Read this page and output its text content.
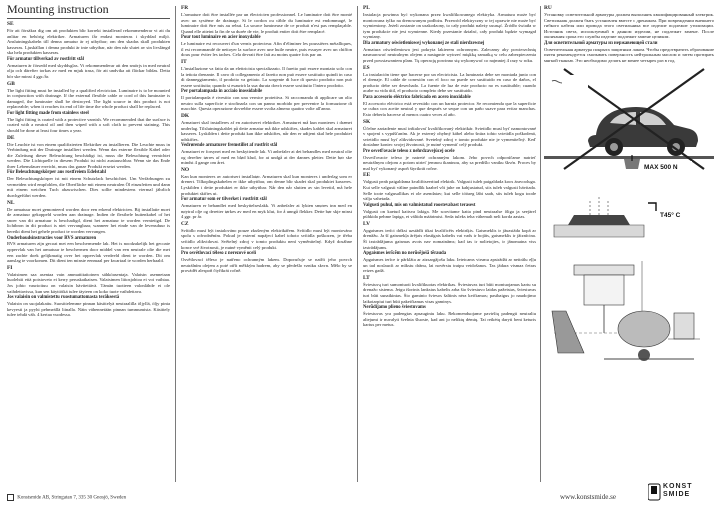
Mounting instruction
SE

För att försäkra dig om att produkten blir korrekt installerad rekommenderar vi att du anlitar en behörig elektriker. Armaturen får endast monteras i skyddad miljö. Anslutningskabeln till denna armatur är ej utbytbar; om den skadas skall produkten kasseras. Ljuskällan i denna produkt är inte utbytbar, när den når slutet av sin livslängd ska hela produkten kasseras.

För armatur tillverkad av rostfritt stål

Armaturen är försedd med skyddsglas. Vi rekommenderar att den smörjs in med neutral olja och därefter torkas av med en mjuk trasa, för att undvika att fläckar bildas. Detta bör ske minst 4 ggr./år.

GB

The light fitting must be installed by a qualified electrician. Luminaire is to be mounted in conjunction with drainage. If the external flexible cable or cord of this luminaire is damaged, the luminaire shall be destroyed. The light source in this product is not replaceable; when it reaches its end of life time the whole product shall be replaced.

For light fitting made from stainless steel

The light fitting is coated with a protective varnish. We recommended that the surface is coated with a neutral oil and then wiped with a soft cloth to prevent staining. This should be done at least four times a year.

DE

Die Leuchte ist von einem qualifizierten Elektriker zu installieren. Die Leuchte muss in Verbindung mit der Drainage installiert werden. Wenn das externe flexible Kabel oder die Zuleitung dieser Beleuchtung beschädigt ist, muss die Beleuchtung vernichtet werden. Die Lichtquelle in diesem Produkt ist nicht austauschbar. Wenn sie das Ende ihrer Lebensdauer erreicht, muss das ganze Produkt ersetzt werden.

Für Beleuchtungskörper aus rostfreiem Edelstahl

Der Beleuchtungskörper ist mit einem Schutzlack beschichtet. Um Verfärbungen zu vermeiden wird empfohlen, die Oberfläche mit einem neutralen Öl einzufetten und dann mit einem weichen Tuch abzuwischen. Dies sollte mindestens viermal jährlich durchgeführt werden.

NL

De armatuur moet gemonteerd worden door een erkend elektricien. Bij installatie moet de armatuur gekoppeld worden aan drainage. Indien de flexibele buitenkabel of het snoer van dit armatuur is beschadigd, dient het armatuur te worden vernietigd. De lichtbron in dit product is niet vervangbaar, wanneer het einde van de levensduur is bereikt dient het gehele product te worden vervangen.

Onderhoudsinstructies voor RVS armaturen

RVS armaturen zijn gecoat met een beschermende lak. Het is noodzakelijk het gecoate oppervlak van het armatuur te beschermen door middel van een neutrale olie die met een zachte doek gelijkmatig over het oppervlak verdeeld dient te worden. Dit om aanslag te voorkomen. Dit dient ten minste eenmaal per kwartaal te worden herhaald.

FI

Valaisimen saa asentaa vain ammattitaitoinen sähköasentaja. Valaisin asennetaan huolehtii että poistoveto ei kerry peruskatkaisen. Valaisimen liitosjohtoa ei voi vaihtaa. Jos johto vaurioituu on valaisin hävitettävä. Tämän tuotteen valonlähde ei ole vaihdettavissa, kun sen käyttöikä tulee täyteen on koko tuote vaihdettava.

Jos valaisin on valmistettu ruostumattomasta teräksestä

Valaisin on suojalakattu. Suosittelemme pinnan käsittelyä neutraalilla öljyllä, öljy pinta kevyesti ja pyyhi pehmeällä liinalla. Näin vähennetään pinnan tummumista. Käsittely tulee tehdä väh. 4 kertaa vuodessa.

FR

L'armature doit être installée par un électricien professionnel. Le luminaire doit être monté avec un système de drainage. Si le cordon ou câble du luminaire est endommagé, le luminaire doit être mis au rebut. La source lumineuse de ce produit n'est pas remplaçable. Quand elle atteint la fin de sa durée de vie, le produit entier doit être remplacé.

Pour tout luminaire en acier inoxydable

Le luminaire est recouvert d'un vernis protecteur. Afin d'éliminer les poussières métalliques, il est recommandé de nettoyer la surface avec une huile neutre, puis essuyer avec un chiffon doux pour éviter les taches. Cela devrait être fait au moins quatre fois par an.

IT

L'installazione va fatta da un elettricista specializzato. Il faretto può essere montato solo con la tettoia drenante. Il cavo di collegamento al faretto non può essere sostituito quindi in caso di danneggiamento, il prodotto va gettato. La sorgente di luce di questo prodotto non può essere sostituita; quando si esaurirà la sua durata dovrà essere sostituito l'intero prodotto.

Per portalampada in acciaio inossidabile

Il portalampada è rivestito con una vernice protettiva. Si raccomanda di applicare un olio neutro sulla superficie e strofinarla con un panno morbido per prevenire la formazione di macchie. Questa operazione dovrebbe essere svolta almeno quattro volte all'anno.

DK

Armaturet skal installeres af en autoriseret elektriker. Armaturet må kun monteres i drænet underlag. Tilslutningskablet på dette armatur må ikke udskiftes, skades kablet skal armaturet kasseres. Lyskilden i dette produkt kan ikke udskiftes, når den er udtjent skal hele produktet udskiftes.

Vedrørende armaturer fremstillet af rustfrit stål

Armaturet er forsynet med en beskyttende lak. Vi anbefaler at det behandles med neutral olie og derefter tørres af med en blød klud, for at undgå at der dannes pletter. Dette bør ske mindst 4 gange om året.

NO

Kan kun monteres av autorisert installatør. Armaturen skal kun monteres i underlag som er drenert. Tilkoplingskabelen er ikke utbyttbar, om denne blir skadet skal produktet kasseres. Lyskilden i dette produktet er ikke utbyttbar. Når den når slutten av sin levetid, må hele produktet skiftes ut.

For armatur som er tilverket i rustfritt stål

Armaturen er behandlet med beskyttelseslakk. Vi anbefaler at lykten smøres inn med en nøytral olje og deretter tørkes av med en myk klut, for å unngå flekker. Dette bør skje minst 4 ggr. pr år.

CZ

Svítidlo musí být instalováno pouze zkušeným elektrikářem. Svítidlo musí být montováno spolu s odvodněním. Pokud je externí napájecí kabel tohoto svítidla poškozen, je třeba svítidlo zlikvidovat. Světelný zdroj v tomto produktu není vyměnitelný. Když dosáhne konce své životnosti, je nutné vyměnit celý produkt.

Pro osvětlovací těleso z nerezové oceli

Osvětlovací těleso je natřeno ochranným lakem. Doporučuje se natřít jeho povrch neutrálním olejem a poté otřít měkkým hadrem, aby se předešlo vzniku skvrn. Mělo by se provádět alespoň čtyřikrát ročně.

PL

Instalacja powinna być wykonana przez kwalifikowanego elektryka. Armatura może być montowana tylko na drenowanym podłożu. Przewód elektryczny w tej oprawie nie może być wymieniony. Jeżeli zostanie on uszkodzony, to cały produkt należy usunąć. Źródło światła w tym produkcie nie jest wymienne. Kiedy przestanie działać, cały produkt będzie wymagał wymiany.

Dla armatury oświetleniowej wykonanej ze stali nierdzewnej

Armatura oświetleniowa jest pokryta lakierem ochronnym. Zalecamy aby powierzchnię nasmarować neutralnym olejem a następnie wytrzeć miękką szmatką w celu zabezpieczenia przed powstawaniem plam. Tę operację powinno się wykonywać co najmniej 4 razy w roku.

ES

La instalación tiene que hacerse por un electricista. La luminaria debe ser montada junto con el drenaje. El cable de conexión con el foco no puede ser sustituido en caso de daños, el producto debe ser desechado. La fuente de luz de este producto no es sustituible; cuando acabe su vida útil, el producto completo debe ser sustituido.

Para accesorio eléctrico fabricado en acero inoxidable

El accesorio eléctrico está revestido con un barniz protector. Se recomienda que la superficie se cubra con aceite neutral y que después se seque con un paño suave para evitar manchas. Esto debería hacerse al menos cuatro veces al año.

SK

Účelne zariadenie musí inštalovať kvalifikovaný elektrikár. Svietidlo musí byť namontované v spojení s vypúšťaním. Ak je externý ohybný kábel alebo šnúra tohto svietidla poškodená, svietidlo musí byť zlikvidované. Svetelný zdroj v tomto produkte nie je vymeniteľný. Keď dosiahne koniec svojej životnosti, je nutné vymeniť celý produkt.

Pre osvetľovacie teleso z nehrdzavejúcej ocele

Osvetľovacie teleso je natreté ochranným lakom. Jeho povrch odporúčame natrieť neutrálnym olejom a potom utrieť jemnou tkaninou, aby sa predišlo vzniku škvŕn. Proces by mal byť vykonaný aspoň štyrikrát ročne.

EE

Valgusti peab paigaldama kvalifitseeritud elektrik. Valgusti tuleb paigaldada koos äravooluga. Kui selle valgusti väline paindlik kaabel või juhe on kahjustatud, siis tuleb valgusti hävitada. Selle toote valgusallikas ei ole asendatav; kui selle tööaeg läbi saab, siis tuleb kogu toode välja vahetada.

Valgusti puhul, mis on valmistatud roostevabast terasest

Valgusti on kaetud kaitsva lakiga. Me soovitame katta pind neutraalse õliga ja seejärel pühkida pehme lapiga, et vältida määrimist. Seda tuleks teha vähemalt neli korda aastas.

LV

Apgaismes ierīci drīkst uzstādīt tikai kvalificēts elektriķis. Gaismeklis ir jāuzstāda kopā ar drenāžu. Ja šī gaismekļa ārējais elastīgais kabelis vai vads ir bojāts, gaismeklis ir jāiznīcina. Šī izstrādājuma gaismas avots nav nomaināms; kad tas ir nolietojies, ir jānomaina viss izstrādājums.

Apgaismes ierīcēm no nerūsējošā tērauda

Apgaismes ierīce ir pārklāta ar aizsargājošu laku. Ieteicams virsmu apstrādāt ar neitrālu eļļu un tad noslaucīt ar mīkstu drānu, lai novērstu traipu veidošanos. Tas jādara vismaz četras reizes gadā.

LT

Šviestuvą turi sumontuoti kvalifikuotas elektrikas. Šviestuvas turi būti montuojamas kartu su drenažo sistema. Jeigu išorinis lankstus kabelis arba šio šviestuvo laidas pažeistas, šviestuvas turi būti sunaikintas. Šio gaminio šviesos šaltinis nėra keičiamas; pasibaigus jo naudojimo laikotarpiui turi būti pakeičiamas visas gaminys.

Nerūdijamo plieno šviestuvams

Šviestuvas yra padengtas apsauginiu laku. Rekomenduojame paviršių padengti neutraliu aliejumi ir nuvalyti švelnia šluoste, kad ant jo neliktų dėmių. Tai reikėtų daryti bent keturis kartus per metus.

RU

Установку осветительной арматуры должен выполнять квалифицированный электрик. Светильник должен быть установлен вместе с дренажом. При повреждении внешнего гибкого кабеля или провода этого светильника все изделие подлежит утилизации. Источник света, используемый в данном изделии, не подлежит замене. После окончания срока его службы изделие подлежит замене целиком.

Для осветительной арматуры из нержавеющей стали

Осветительная арматура покрыта защитным лаком. Чтобы предотвратить образование пятен рекомендуется смазывать поверхность нейтральным маслом и затем протирать мягкой тканью. Это необходимо делать не менее четырех раз в год.

MAX 500 N
T45° C
Konstsmide AB, Stringatan 7, 335 30 Gnosjö, Sweden	www.konstsmide.se
KONST
SMIDE
